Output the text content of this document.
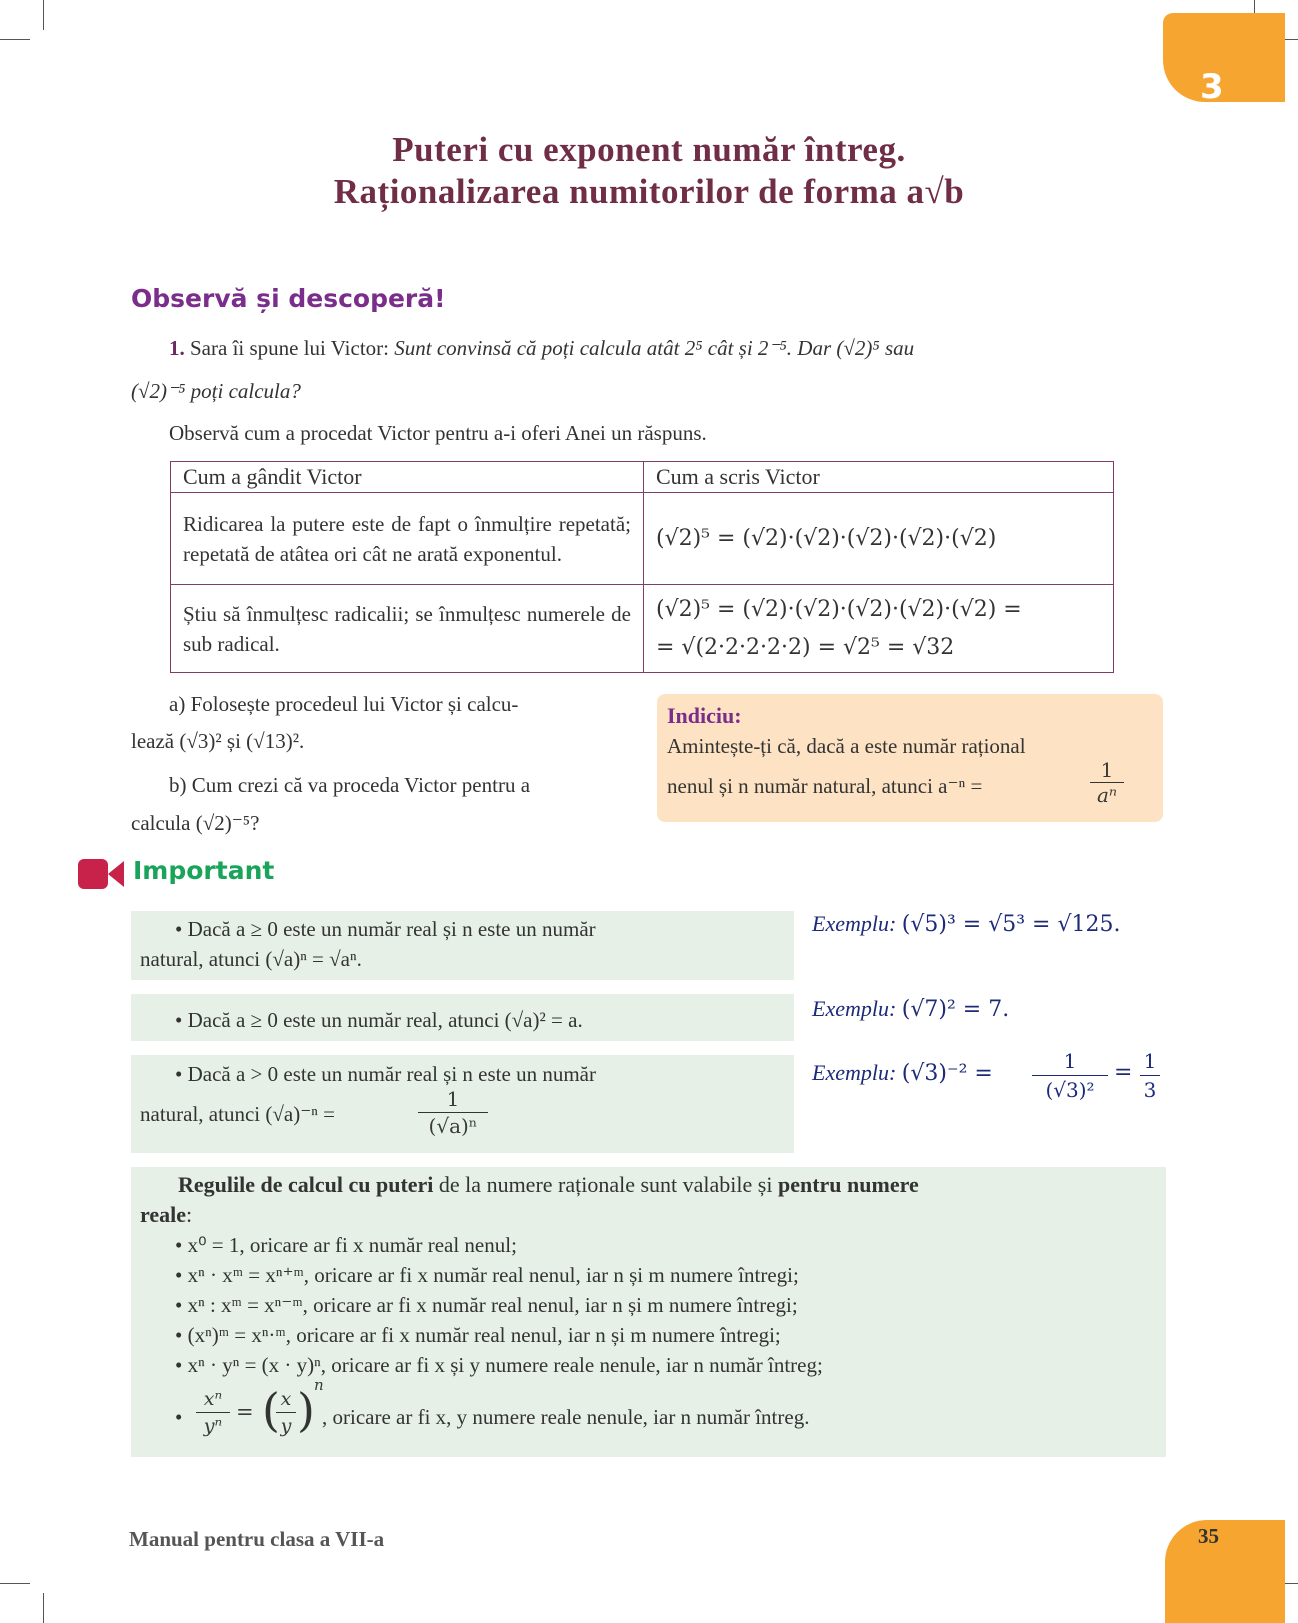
3
Puteri cu exponent număr întreg.
Raționalizarea numitorilor de forma a√b
Observă și descoperă!
1. Sara îi spune lui Victor: Sunt convinsă că poți calcula atât 2⁵ cât și 2⁻⁵. Dar (√2)⁵ sau
(√2)⁻⁵ poți calcula?
Observă cum a procedat Victor pentru a-i oferi Anei un răspuns.
Cum a gândit Victor	Cum a scris Victor
Ridicarea la putere este de fapt o înmulțire repetată; repetată de atâtea ori cât ne arată exponentul.	(√2)⁵ = (√2)·(√2)·(√2)·(√2)·(√2)
Știu să înmulțesc radicalii; se înmulțesc numerele de sub radical.	(√2)⁵ = (√2)·(√2)·(√2)·(√2)·(√2) =
= √(2·2·2·2·2) = √2⁵ = √32
a) Folosește procedeul lui Victor și calcu-
lează (√3)² și (√13)².
b) Cum crezi că va proceda Victor pentru a
calcula (√2)⁻⁵?
Indiciu:
Amintește-ți că, dacă a este număr rațional
nenul și n număr natural, atunci a⁻ⁿ =	$\frac{1}{\text{aⁿ}}$
Important
• Dacă a ≥ 0 este un număr real și n este un număr
natural, atunci (√a)ⁿ = √aⁿ.
• Dacă a ≥ 0 este un număr real, atunci (√a)² = a.
• Dacă a > 0 este un număr real și n este un număr
natural, atunci (√a)⁻ⁿ =	$\frac{1}{\text{(√a)ⁿ}}$
Exemplu: (√5)³ = √5³ = √125.
Exemplu: (√7)² = 7.
Exemplu: $(√3)^{-2} = \frac{1}{\text{(√3)²}} = \frac{1}{3}$
Regulile de calcul cu puteri de la numere raționale sunt valabile și pentru numere
reale:
• x⁰ = 1, oricare ar fi x număr real nenul;
• xⁿ · xᵐ = xⁿ⁺ᵐ, oricare ar fi x număr real nenul, iar n și m numere întregi;
• xⁿ : xᵐ = xⁿ⁻ᵐ, oricare ar fi x număr real nenul, iar n și m numere întregi;
• (xⁿ)ᵐ = xⁿ·ᵐ, oricare ar fi x număr real nenul, iar n și m numere întregi;
• xⁿ · yⁿ = (x · y)ⁿ, oricare ar fi x și y numere reale nenule, iar n număr întreg;
• $\frac{\text{xⁿ}}{\text{yⁿ}}$ = (
$\frac{x}{y}$ ) n
, oricare ar fi x, y numere reale nenule, iar n număr întreg.
Manual pentru clasa a VII-a	35
